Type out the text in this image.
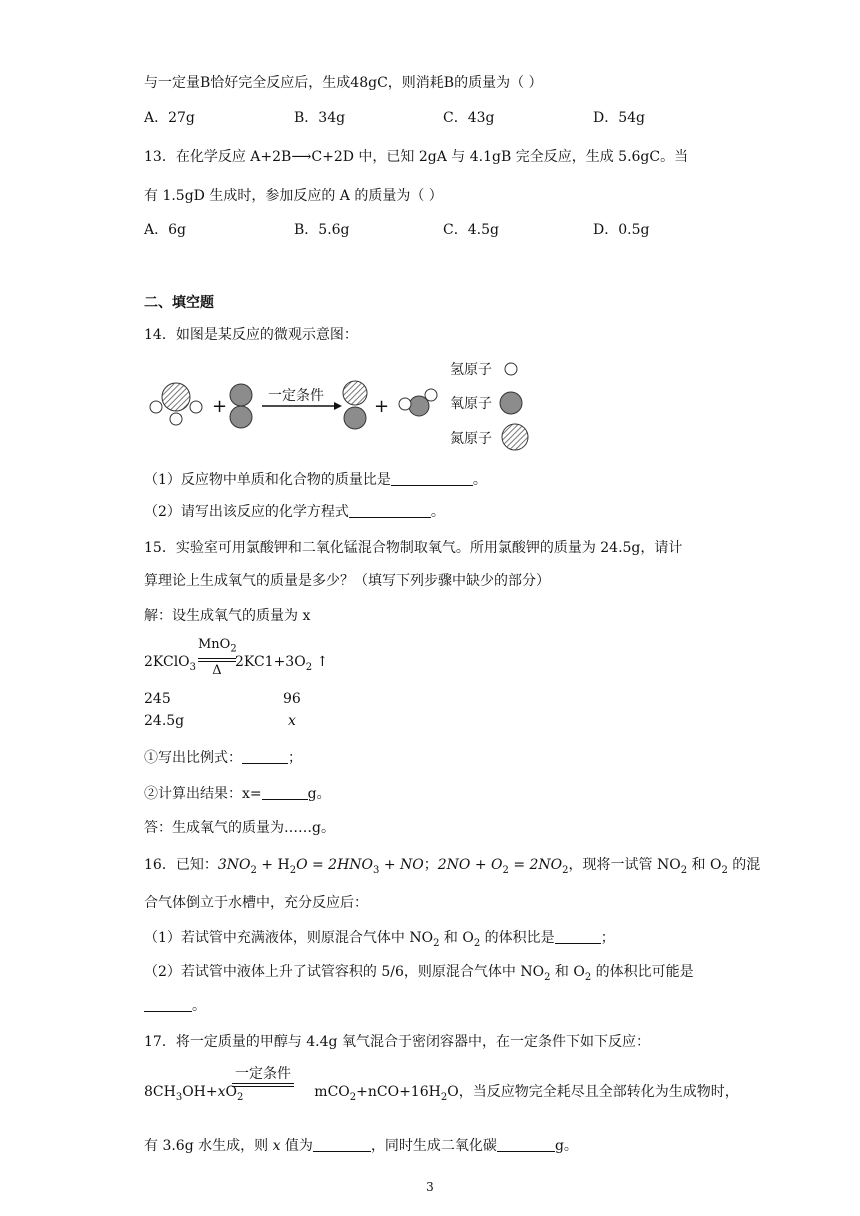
与一定量B恰好完全反应后，生成48gC，则消耗B的质量为（ ）
A．27g	B．34g	C．43g	D．54g
13．在化学反应 A+2B⟶C+2D 中，已知 2gA 与 4.1gB 完全反应，生成 5.6gC。当
有 1.5gD 生成时，参加反应的 A 的质量为（ ）
A．6g	B．5.6g	C．4.5g	D．0.5g
二、填空题
14．如图是某反应的微观示意图：
+	一定条件	+
氢原子
氧原子
氮原子
（1）反应物中单质和化合物的质量比是	。
（2）请写出该反应的化学方程式	。
15．实验室可用氯酸钾和二氧化锰混合物制取氧气。所用氯酸钾的质量为 24.5g，请计
算理论上生成氧气的质量是多少？（填写下列步骤中缺少的部分）
解：设生成氧气的质量为 x
2KClO$_3$	$2KC1+3O_2$ ↑
MnO$_2$
Δ
245	96
24.5g	x
①写出比例式：	；
②计算出结果：x=	g。
答：生成氧气的质量为……g。
16．已知：$3NO_2 + H_2O = 2HNO_3$ + NO；$2NO + O_2 = 2NO_2$，现将一试管 $NO_2$ 和 $O_2$ 的混
合气体倒立于水槽中，充分反应后：
（1）若试管中充满液体，则原混合气体中 $NO_2$ 和 $O_2$ 的体积比是	；
（2）若试管中液体上升了试管容积的 5/6，则原混合气体中 $NO_2$ 和 $O_2$ 的体积比可能是
。
17．将一定质量的甲醇与 4.4g 氧气混合于密闭容器中，在一定条件下如下反应：
$8CH_3OH+xO_2$	$mCO_2+nCO+16H_2O$，当反应物完全耗尽且全部转化为生成物时，
一定条件
有 3.6g 水生成，则 x 值为	，同时生成二氧化碳	g。
3
